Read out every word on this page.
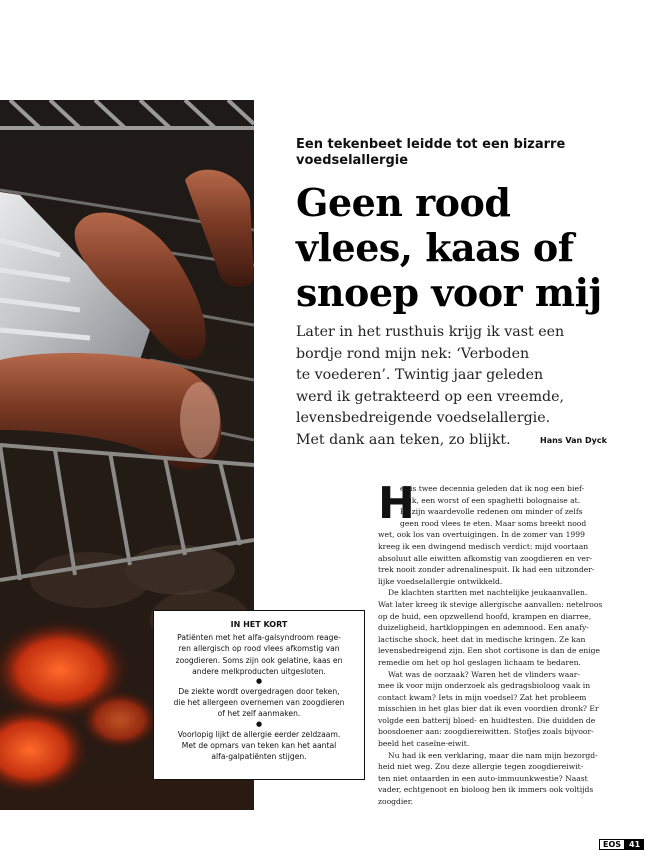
Een tekenbeet leidde tot een bizarre
voedselallergie
Geen rood
vlees, kaas of
snoep voor mij
Later in het rusthuis krijg ik vast een
bordje rond mijn nek: ‘Verboden
te voederen’. Twintig jaar geleden
werd ik getrakteerd op een vreemde,
levensbedreigende voedselallergie.
Met dank aan teken, zo blijkt.	Hans Van Dyck
H
et is twee decennia geleden dat ik nog een bief-
stuk, een worst of een spaghetti bolognaise at.
Er zijn waardevolle redenen om minder of zelfs
geen rood vlees te eten. Maar soms breekt nood
wet, ook los van overtuigingen. In de zomer van 1999
kreeg ik een dwingend medisch verdict: mijd voortaan
absoluut alle eiwitten afkomstig van zoogdieren en ver-
trek nooit zonder adrenalinespuit. Ik had een uitzonder-
lijke voedselallergie ontwikkeld.
De klachten startten met nachtelijke jeukaanvallen.
Wat later kreeg ik stevige allergische aanvallen: netelroos
op de huid, een opzwellend hoofd, krampen en diarree,
duizeligheid, hartkloppingen en ademnood. Een anafy-
lactische shock, heet dat in medische kringen. Ze kan
levensbedreigend zijn. Een shot cortisone is dan de enige
remedie om het op hol geslagen lichaam te bedaren.
Wat was de oorzaak? Waren het de vlinders waar-
mee ik voor mijn onderzoek als gedragsbioloog vaak in
contact kwam? Iets in mijn voedsel? Zat het probleem
misschien in het glas bier dat ik even voordien dronk? Er
volgde een batterij bloed- en huidtesten. Die duidden de
boosdoener aan: zoogdiereiwitten. Stofjes zoals bijvoor-
beeld het caseïne-eiwit.
Nu had ik een verklaring, maar die nam mijn bezorgd-
heid niet weg. Zou deze allergie tegen zoogdiereiwit-
ten niet ontaarden in een auto-immuunkwestie? Naast
vader, echtgenoot en bioloog ben ik immers ook voltijds
zoogdier.
IN HET KORT
Patiënten met het alfa-galsyndroom reage-
ren allergisch op rood vlees afkomstig van
zoogdieren. Soms zijn ook gelatine, kaas en
andere melkproducten uitgesloten.
●
De ziekte wordt overgedragen door teken,
die het allergeen overnemen van zoogdieren
of het zelf aanmaken.
●
Voorlopig lijkt de allergie eerder zeldzaam.
Met de opmars van teken kan het aantal
alfa-galpatiënten stijgen.
EOS	41
